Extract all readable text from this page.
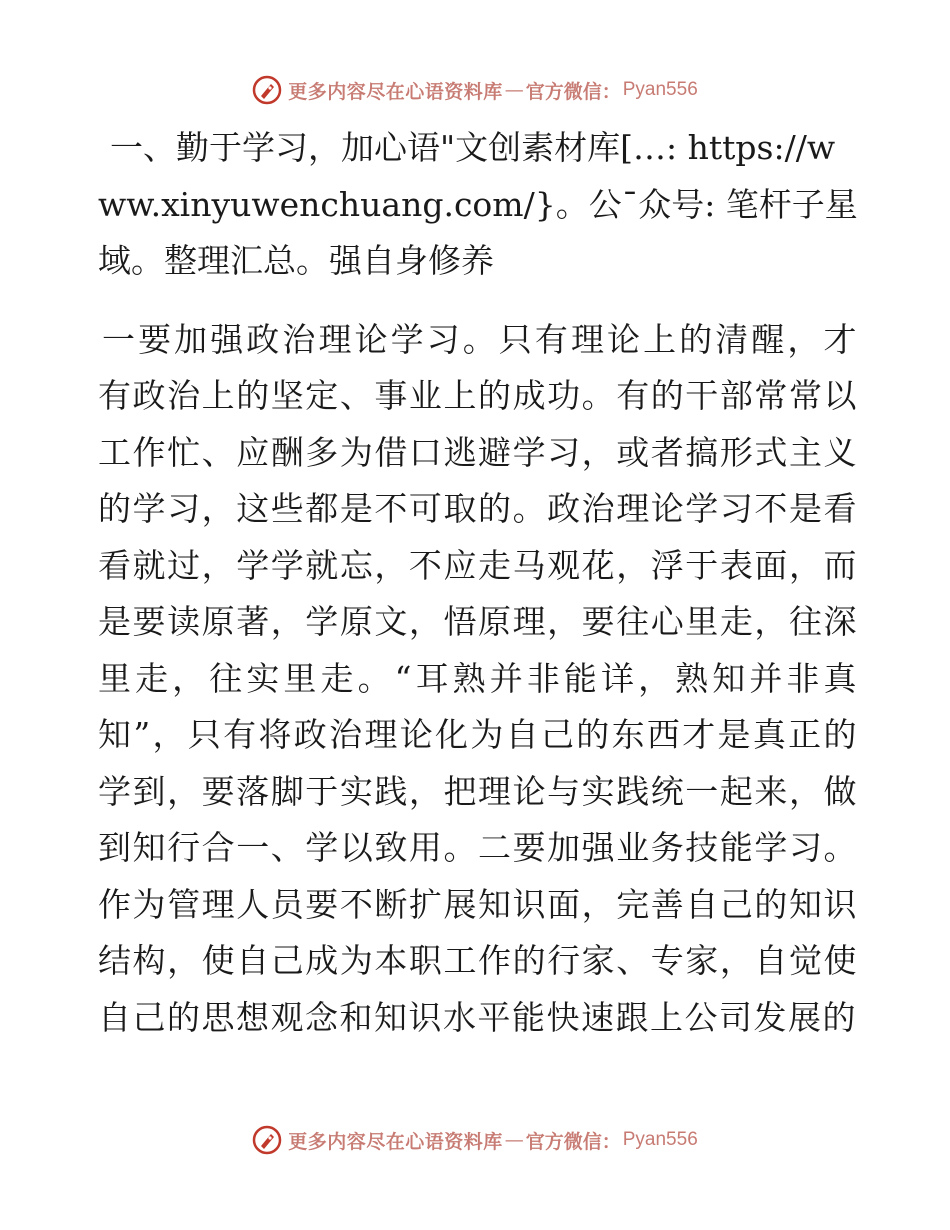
更多内容尽在心语资料库 — 官方微信： Pyan556

一、勤于学习，加心语"文创素材库[…: https://www.xinyuwenchuang.com/}。公¯众号: 笔杆子星域。整理汇总。强自身修养

一要加强政治理论学习。只有理论上的清醒，才有政治上的坚定、事业上的成功。有的干部常常以工作忙、应酬多为借口逃避学习，或者搞形式主义的学习，这些都是不可取的。政治理论学习不是看看就过，学学就忘，不应走马观花，浮于表面，而是要读原著，学原文，悟原理，要往心里走，往深里走，往实里走。“耳熟并非能详，熟知并非真知”，只有将政治理论化为自己的东西才是真正的学到，要落脚于实践，把理论与实践统一起来，做到知行合一、学以致用。二要加强业务技能学习。作为管理人员要不断扩展知识面，完善自己的知识结构，使自己成为本职工作的行家、专家，自觉使自己的思想观念和知识水平能快速跟上公司发展的

更多内容尽在心语资料库 — 官方微信： Pyan556
